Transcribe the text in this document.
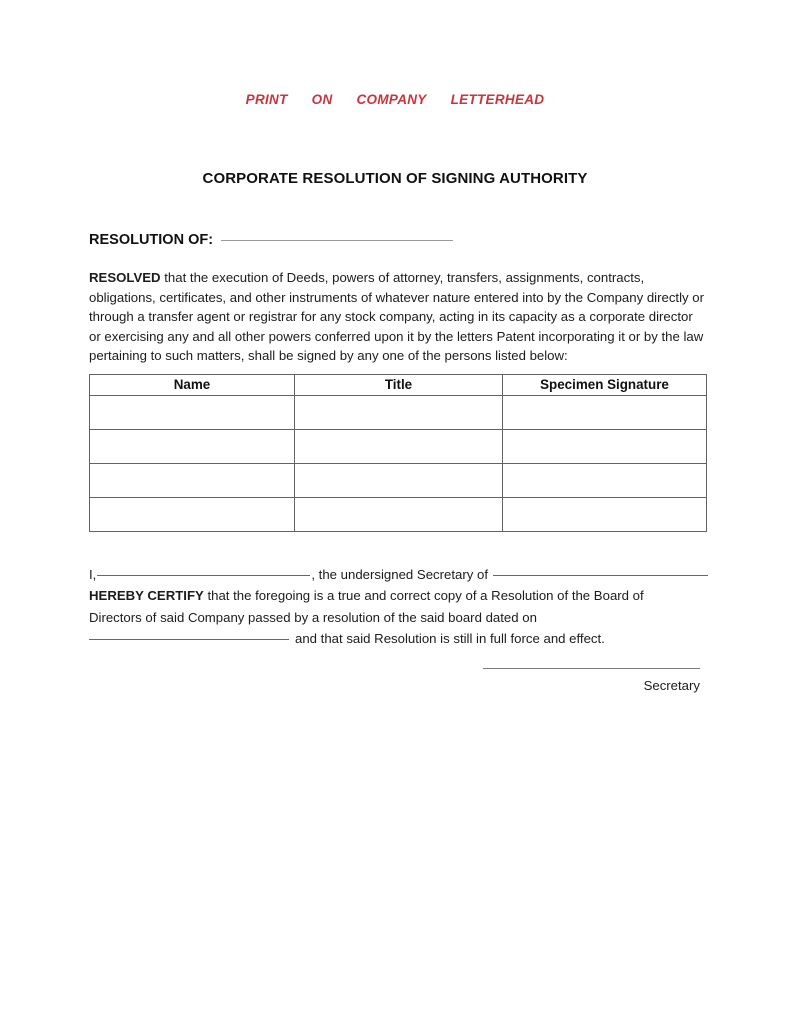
PRINT ON COMPANY LETTERHEAD
CORPORATE RESOLUTION OF SIGNING AUTHORITY
RESOLUTION OF:

RESOLVED that the execution of Deeds, powers of attorney, transfers, assignments, contracts, obligations, certificates, and other instruments of whatever nature entered into by the Company directly or through a transfer agent or registrar for any stock company, acting in its capacity as a corporate director or exercising any and all other powers conferred upon it by the letters Patent incorporating it or by the law pertaining to such matters, shall be signed by any one of the persons listed below:

Name	Title	Specimen Signature

I,	, the undersigned Secretary of
HEREBY CERTIFY that the foregoing is a true and correct copy of a Resolution of the Board of
Directors of said Company passed by a resolution of the said board dated on
and that said Resolution is still in full force and effect.
Secretary
